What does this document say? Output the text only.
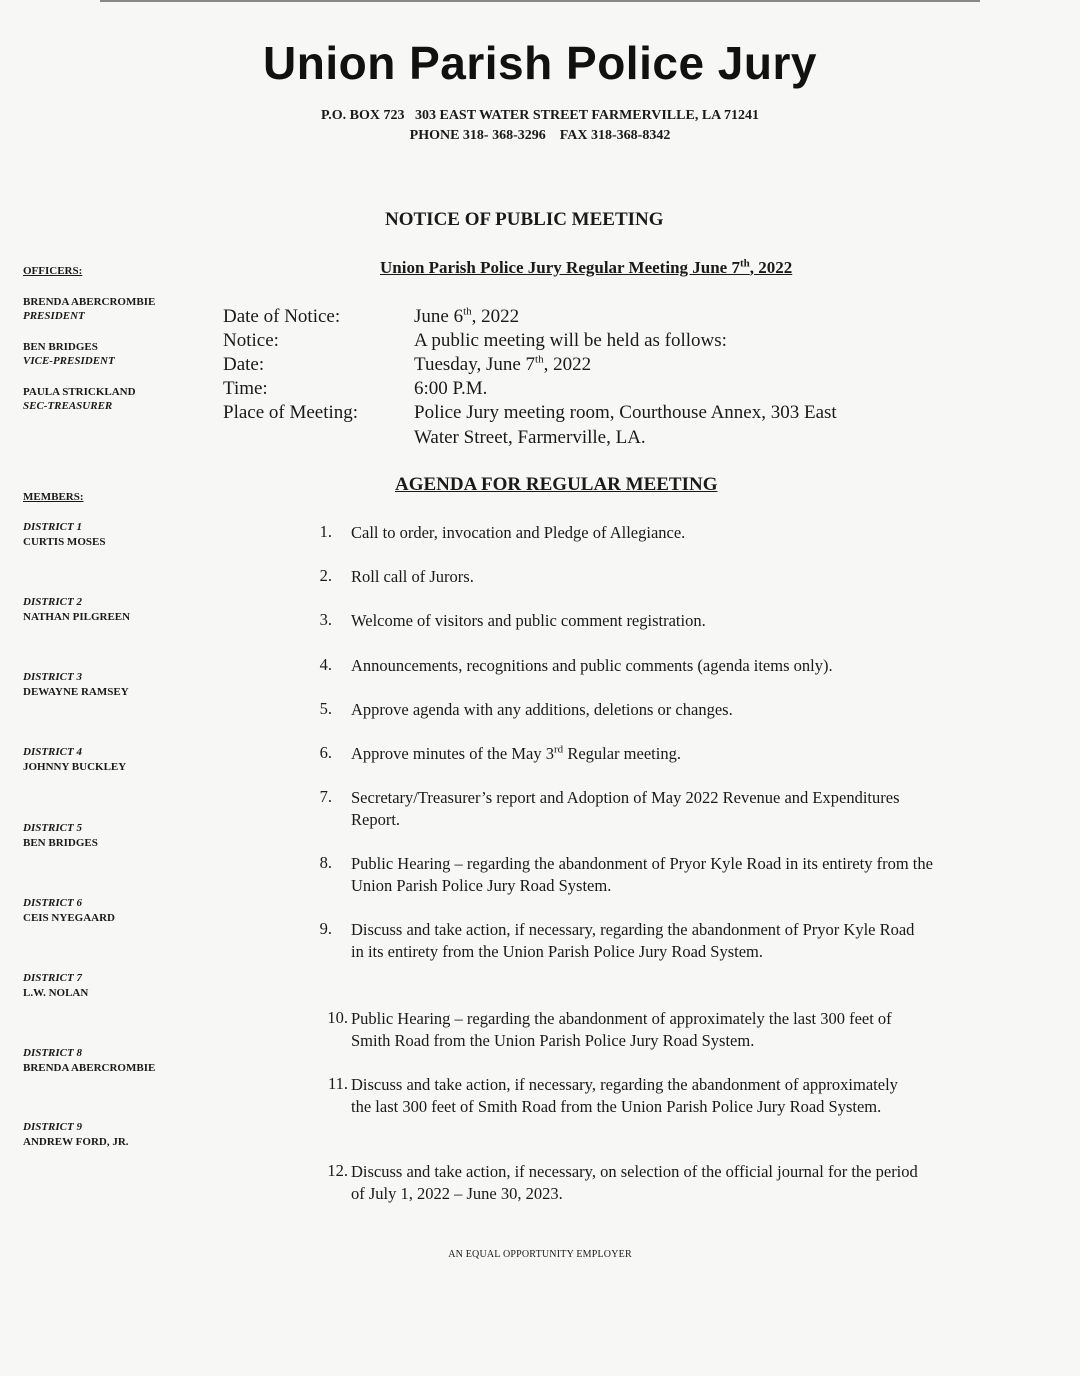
Union Parish Police Jury
P.O. BOX 723   303 EAST WATER STREET FARMERVILLE, LA 71241
PHONE 318- 368-3296    FAX 318-368-8342
NOTICE OF PUBLIC MEETING
Union Parish Police Jury Regular Meeting June 7th, 2022
OFFICERS:
BRENDA ABERCROMBIE
PRESIDENT
BEN BRIDGES
VICE-PRESIDENT
PAULA STRICKLAND
SEC-TREASURER
MEMBERS:
DISTRICT 1
CURTIS MOSES
DISTRICT 2
NATHAN PILGREEN
DISTRICT 3
DEWAYNE RAMSEY
DISTRICT 4
JOHNNY BUCKLEY
DISTRICT 5
BEN BRIDGES
DISTRICT 6
CEIS NYEGAARD
DISTRICT 7
L.W. NOLAN
DISTRICT 8
BRENDA ABERCROMBIE
DISTRICT 9
ANDREW FORD, JR.
Date of Notice:	June 6th, 2022
Notice:	A public meeting will be held as follows:
Date:	Tuesday, June 7th, 2022
Time:	6:00 P.M.
Place of Meeting:	Police Jury meeting room, Courthouse Annex, 303 East
Water Street, Farmerville, LA.
AGENDA FOR REGULAR MEETING
1. Call to order, invocation and Pledge of Allegiance.
2. Roll call of Jurors.
3. Welcome of visitors and public comment registration.
4. Announcements, recognitions and public comments (agenda items only).
5. Approve agenda with any additions, deletions or changes.
6. Approve minutes of the May 3rd Regular meeting.
7. Secretary/Treasurer’s report and Adoption of May 2022 Revenue and Expenditures Report.
8. Public Hearing – regarding the abandonment of Pryor Kyle Road in its entirety from the Union Parish Police Jury Road System.
9. Discuss and take action, if necessary, regarding the abandonment of Pryor Kyle Road in its entirety from the Union Parish Police Jury Road System.
10. Public Hearing – regarding the abandonment of approximately the last 300 feet of Smith Road from the Union Parish Police Jury Road System.
11. Discuss and take action, if necessary, regarding the abandonment of approximately the last 300 feet of Smith Road from the Union Parish Police Jury Road System.
12. Discuss and take action, if necessary, on selection of the official journal for the period of July 1, 2022 – June 30, 2023.
AN EQUAL OPPORTUNITY EMPLOYER
